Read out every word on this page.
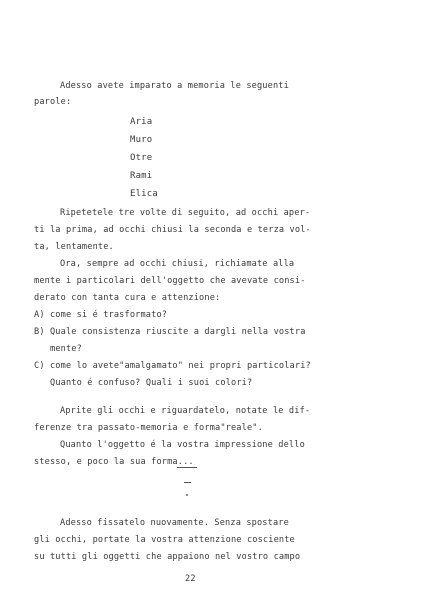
Adesso avete imparato a memoria le seguenti
parole:
Aria
Muro
Otre
Rami
Elica
Ripetetele tre volte di seguito, ad occhi aper-
ti la prima, ad occhi chiusi la seconda e terza vol-
ta, lentamente.
Ora, sempre ad occhi chiusi, richiamate alla
mente i particolari dell'oggetto che avevate consi-
derato con tanta cura e attenzione:
A) come si é trasformato?
B) Quale consistenza riuscite a dargli nella vostra
mente?
C) come lo avete"amalgamato" nei propri particolari?
Quanto é confuso? Quali i suoi colori?
Aprite gli occhi e riguardatelo, notate le dif-
ferenze tra passato-memoria e forma"reale".
Quanto l'oggetto é la vostra impressione dello
stesso, e poco la sua forma...
Adesso fissatelo nuovamente. Senza spostare
gli occhi, portate la vostra attenzione cosciente
su tutti gli oggetti che appaiono nel vostro campo
22
